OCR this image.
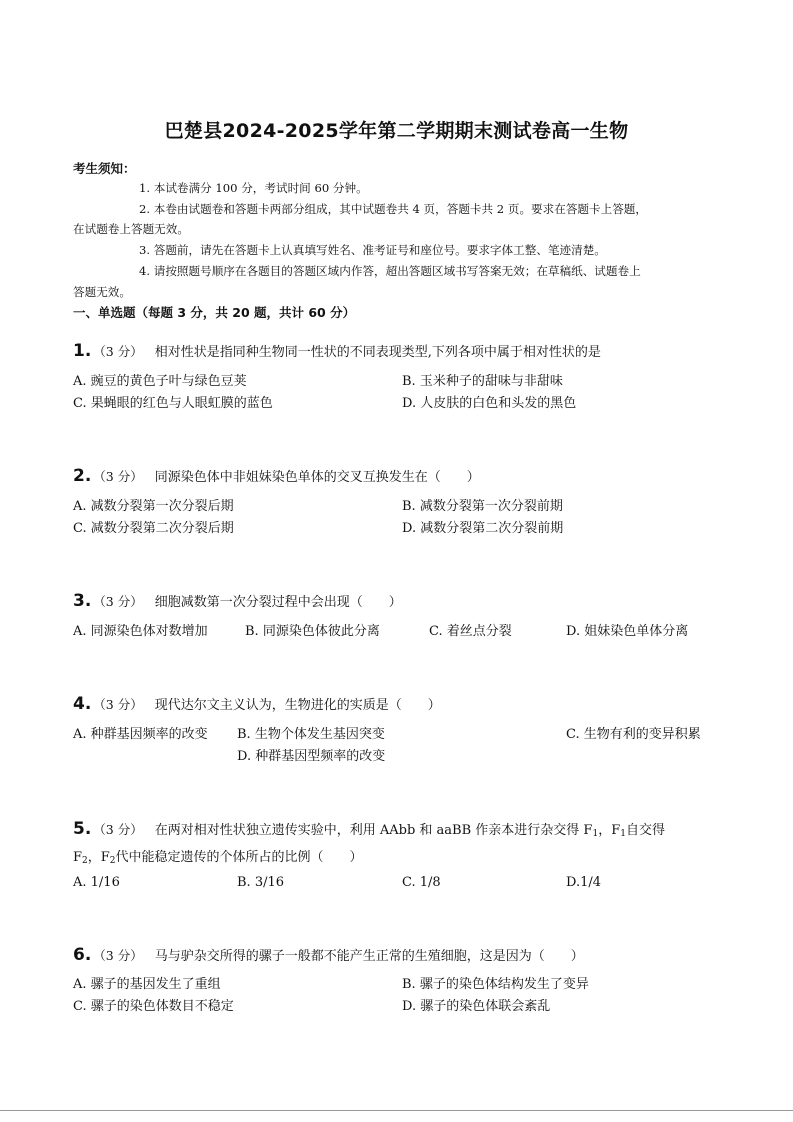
巴楚县2024-2025学年第二学期期末测试卷高一生物
考生须知：
1. 本试卷满分 100 分，考试时间 60 分钟。
2. 本卷由试题卷和答题卡两部分组成，其中试题卷共 4 页，答题卡共 2 页。要求在答题卡上答题，
在试题卷上答题无效。
3. 答题前，请先在答题卡上认真填写姓名、准考证号和座位号。要求字体工整、笔迹清楚。
4. 请按照题号顺序在各题目的答题区域内作答，超出答题区域书写答案无效；在草稿纸、试题卷上
答题无效。
一、单选题（每题 3 分，共 20 题，共计 60 分）
1. （3 分） 相对性状是指同种生物同一性状的不同表现类型,下列各项中属于相对性状的是
A. 豌豆的黄色子叶与绿色豆荚	B. 玉米种子的甜味与非甜味
C. 果蝇眼的红色与人眼虹膜的蓝色	D. 人皮肤的白色和头发的黑色
2. （3 分） 同源染色体中非姐妹染色单体的交叉互换发生在（　　）
A. 减数分裂第一次分裂后期	B. 减数分裂第一次分裂前期
C. 减数分裂第二次分裂后期	D. 减数分裂第二次分裂前期
3. （3 分） 细胞减数第一次分裂过程中会出现（　　）
A. 同源染色体对数增加	B. 同源染色体彼此分离	C. 着丝点分裂	D. 姐妹染色单体分离
4. （3 分） 现代达尔文主义认为，生物进化的实质是（　　）
A. 种群基因频率的改变 B. 生物个体发生基因突变	C. 生物有利的变异积累
D. 种群基因型频率的改变
5. （3 分） 在两对相对性状独立遗传实验中，利用 AAbb 和 aaBB 作亲本进行杂交得 $F_1$，$F_1$自交得
$F_2$，$F_2$代中能稳定遗传的个体所占的比例（　　）
A. 1/16	B. 3/16	C. 1/8	D.1/4
6. （3 分） 马与驴杂交所得的骡子一般都不能产生正常的生殖细胞，这是因为（　　）
A. 骡子的基因发生了重组	B. 骡子的染色体结构发生了变异
C. 骡子的染色体数目不稳定	D. 骡子的染色体联会紊乱
